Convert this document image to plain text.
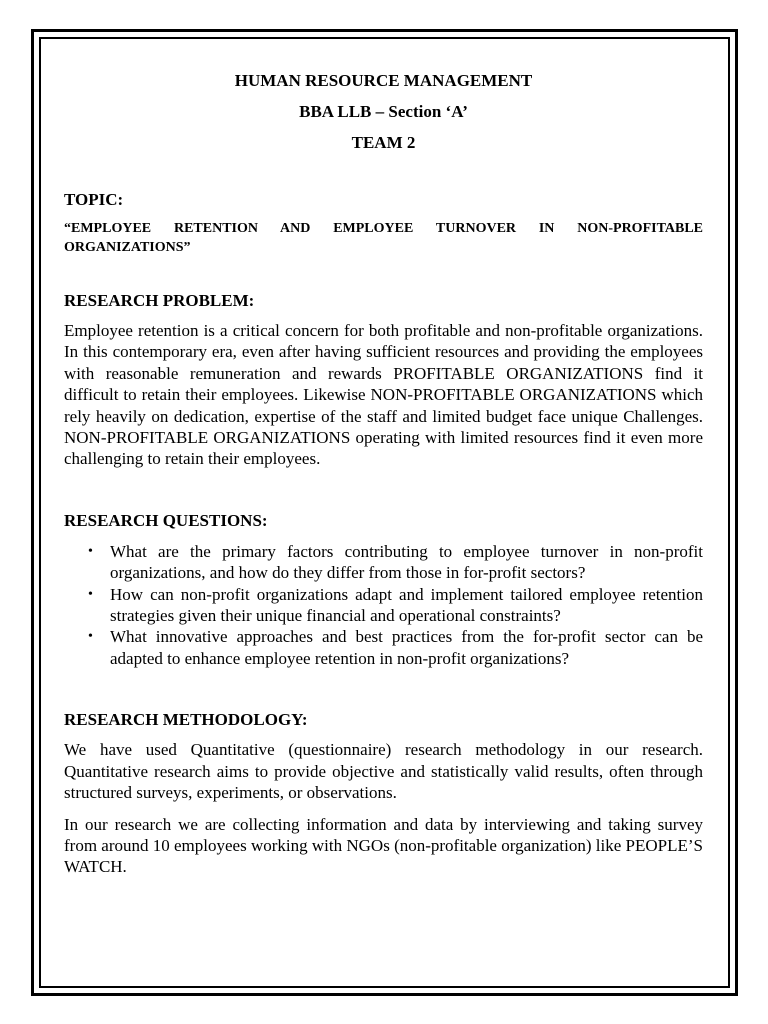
HUMAN RESOURCE MANAGEMENT

BBA LLB – Section ‘A’

TEAM 2

TOPIC:

“EMPLOYEE RETENTION AND EMPLOYEE TURNOVER IN NON-PROFITABLE ORGANIZATIONS”

RESEARCH PROBLEM:

Employee retention is a critical concern for both profitable and non-profitable organizations. In this contemporary era, even after having sufficient resources and providing the employees with reasonable remuneration and rewards PROFITABLE ORGANIZATIONS find it difficult to retain their employees. Likewise NON-PROFITABLE ORGANIZATIONS which rely heavily on dedication, expertise of the staff and limited budget face unique Challenges. NON-PROFITABLE ORGANIZATIONS operating with limited resources find it even more challenging to retain their employees.

RESEARCH QUESTIONS:

• What are the primary factors contributing to employee turnover in non-profit organizations, and how do they differ from those in for-profit sectors?
• How can non-profit organizations adapt and implement tailored employee retention strategies given their unique financial and operational constraints?
• What innovative approaches and best practices from the for-profit sector can be adapted to enhance employee retention in non-profit organizations?

RESEARCH METHODOLOGY:

We have used Quantitative (questionnaire) research methodology in our research. Quantitative research aims to provide objective and statistically valid results, often through structured surveys, experiments, or observations.

In our research we are collecting information and data by interviewing and taking survey from around 10 employees working with NGOs (non-profitable organization) like PEOPLE’S WATCH.
